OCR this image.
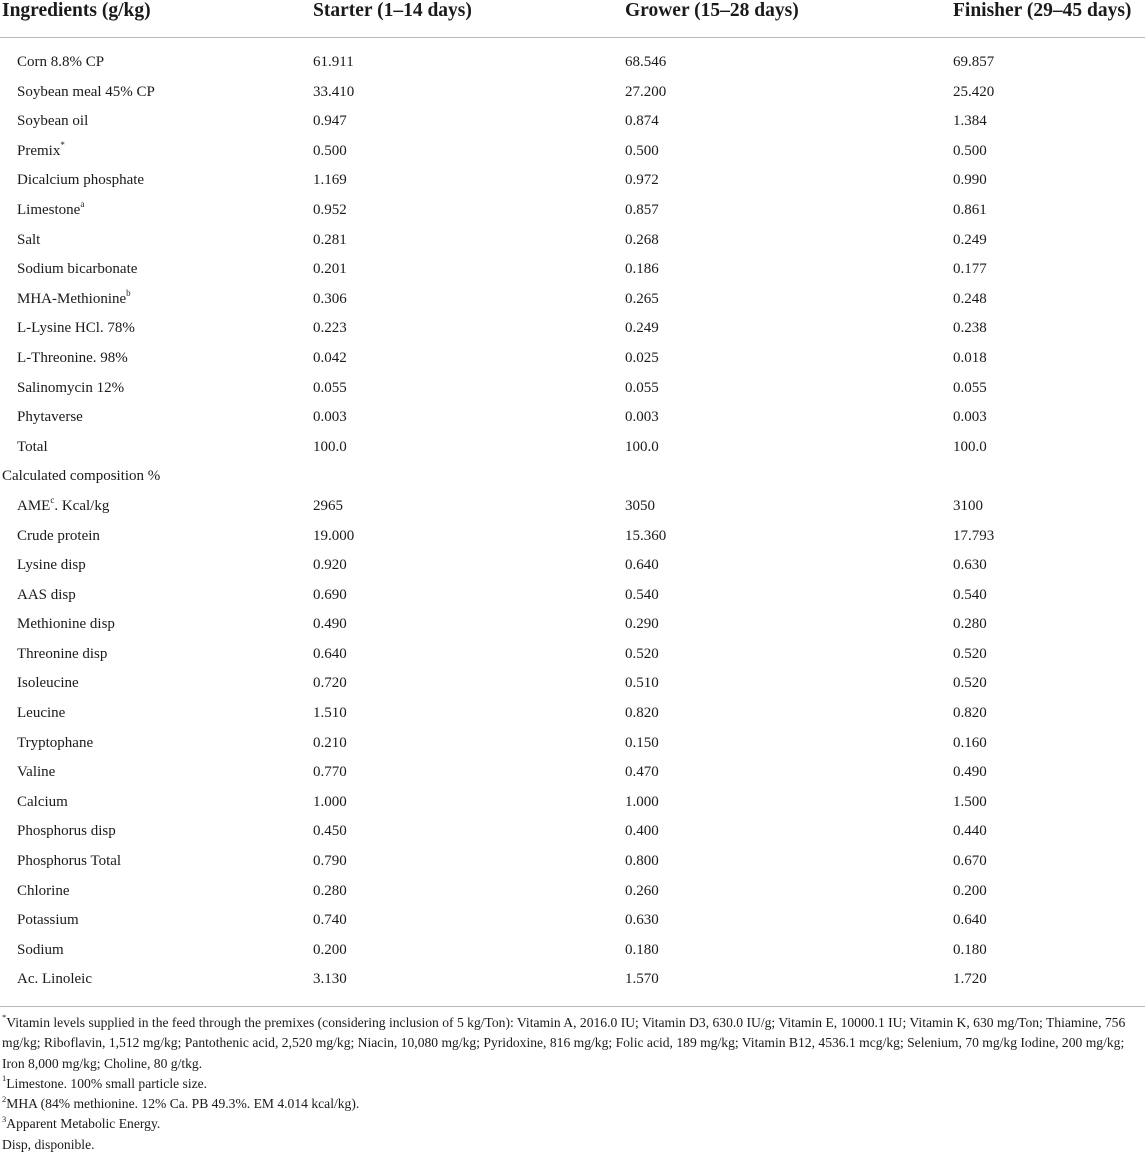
Ingredients (g/kg)	Starter (1–14 days)	Grower (15–28 days)	Finisher (29–45 days)
Corn 8.8% CP	61.911	68.546	69.857
Soybean meal 45% CP	33.410	27.200	25.420
Soybean oil	0.947	0.874	1.384
Premix*	0.500	0.500	0.500
Dicalcium phosphate	1.169	0.972	0.990
Limestone$^a$	0.952	0.857	0.861
Salt	0.281	0.268	0.249
Sodium bicarbonate	0.201	0.186	0.177
MHA-Methionine$^b$	0.306	0.265	0.248
L-Lysine HCl. 78%	0.223	0.249	0.238
L-Threonine. 98%	0.042	0.025	0.018
Salinomycin 12%	0.055	0.055	0.055
Phytaverse	0.003	0.003	0.003
Total	100.0	100.0	100.0
Calculated composition %
AME$^c$. Kcal/kg	2965	3050	3100
Crude protein	19.000	15.360	17.793
Lysine disp	0.920	0.640	0.630
AAS disp	0.690	0.540	0.540
Methionine disp	0.490	0.290	0.280
Threonine disp	0.640	0.520	0.520
Isoleucine	0.720	0.510	0.520
Leucine	1.510	0.820	0.820
Tryptophane	0.210	0.150	0.160
Valine	0.770	0.470	0.490
Calcium	1.000	1.000	1.500
Phosphorus disp	0.450	0.400	0.440
Phosphorus Total	0.790	0.800	0.670
Chlorine	0.280	0.260	0.200
Potassium	0.740	0.630	0.640
Sodium	0.200	0.180	0.180
Ac. Linoleic	3.130	1.570	1.720

*Vitamin levels supplied in the feed through the premixes (considering inclusion of 5 kg/Ton): Vitamin A, 2016.0 IU; Vitamin D3, 630.0 IU/g; Vitamin E, 10000.1 IU; Vitamin K, 630 mg/Ton; Thiamine, 756 mg/kg; Riboflavin, 1,512 mg/kg; Pantothenic acid, 2,520 mg/kg; Niacin, 10,080 mg/kg; Pyridoxine, 816 mg/kg; Folic acid, 189 mg/kg; Vitamin B12, 4536.1 mcg/kg; Selenium, 70 mg/kg Iodine, 200 mg/kg; Iron 8,000 mg/kg; Choline, 80 g/tkg.

$^1$Limestone. 100% small particle size.

$^2$MHA (84% methionine. 12% Ca. PB 49.3%. EM 4.014 kcal/kg).

$^3$Apparent Metabolic Energy.

Disp, disponible.
